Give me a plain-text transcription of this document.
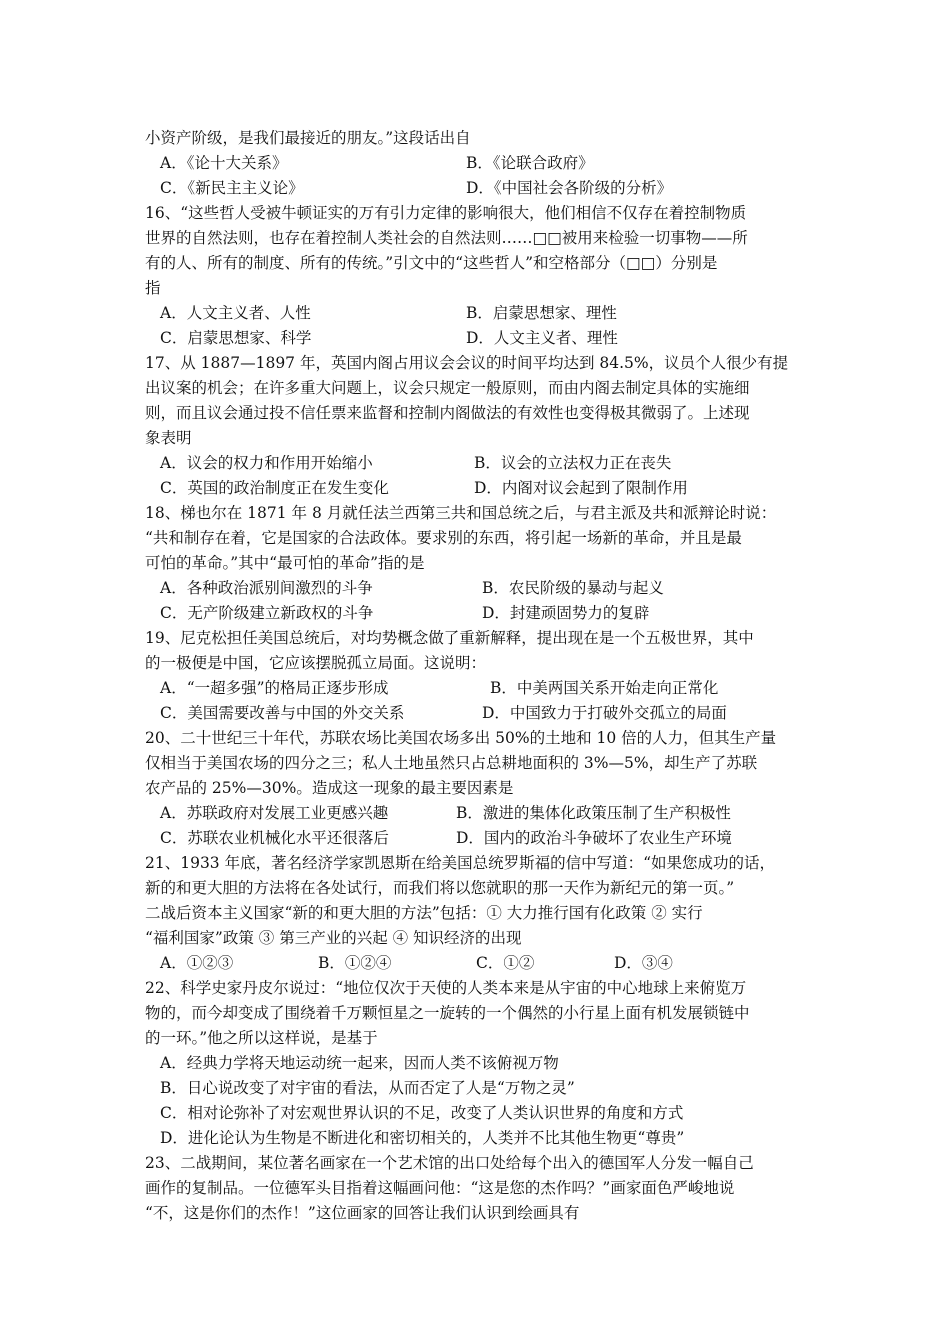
小资产阶级，是我们最接近的朋友。”这段话出自
A．《论十大关系》	B．《论联合政府》
C．《新民主主义论》	D．《中国社会各阶级的分析》
16、“这些哲人受被牛顿证实的万有引力定律的影响很大，他们相信不仅存在着控制物质
世界的自然法则，也存在着控制人类社会的自然法则……□□被用来检验一切事物——所
有的人、所有的制度、所有的传统。”引文中的“这些哲人”和空格部分（□□）分别是
指
A．人文主义者、人性	B．启蒙思想家、理性
C．启蒙思想家、科学	D．人文主义者、理性
17、从 1887—1897 年，英国内阁占用议会会议的时间平均达到 84.5%，议员个人很少有提
出议案的机会；在许多重大问题上，议会只规定一般原则，而由内阁去制定具体的实施细
则，而且议会通过投不信任票来监督和控制内阁做法的有效性也变得极其微弱了。上述现
象表明
A．议会的权力和作用开始缩小	B．议会的立法权力正在丧失
C．英国的政治制度正在发生变化	D．内阁对议会起到了限制作用
18、梯也尔在 1871 年 8 月就任法兰西第三共和国总统之后，与君主派及共和派辩论时说：
“共和制存在着，它是国家的合法政体。要求别的东西，将引起一场新的革命，并且是最
可怕的革命。”其中“最可怕的革命”指的是
A．各种政治派别间激烈的斗争	B．农民阶级的暴动与起义
C．无产阶级建立新政权的斗争	D．封建顽固势力的复辟
19、尼克松担任美国总统后，对均势概念做了重新解释，提出现在是一个五极世界，其中
的一极便是中国，它应该摆脱孤立局面。这说明：
A．“一超多强”的格局正逐步形成	B．中美两国关系开始走向正常化
C．美国需要改善与中国的外交关系	D．中国致力于打破外交孤立的局面
20、二十世纪三十年代，苏联农场比美国农场多出 50%的土地和 10 倍的人力，但其生产量
仅相当于美国农场的四分之三；私人土地虽然只占总耕地面积的 3%—5%，却生产了苏联
农产品的 25%—30%。造成这一现象的最主要因素是
A．苏联政府对发展工业更感兴趣	B．激进的集体化政策压制了生产积极性
C．苏联农业机械化水平还很落后	D．国内的政治斗争破坏了农业生产环境
21、1933 年底，著名经济学家凯恩斯在给美国总统罗斯福的信中写道：“如果您成功的话，
新的和更大胆的方法将在各处试行，而我们将以您就职的那一天作为新纪元的第一页。”
二战后资本主义国家“新的和更大胆的方法”包括：① 大力推行国有化政策 ② 实行
“福利国家”政策 ③ 第三产业的兴起 ④ 知识经济的出现
A．①②③	B．①②④	C．①②	D．③④
22、科学史家丹皮尔说过：“地位仅次于天使的人类本来是从宇宙的中心地球上来俯览万
物的，而今却变成了围绕着千万颗恒星之一旋转的一个偶然的小行星上面有机发展锁链中
的一环。”他之所以这样说，是基于
A．经典力学将天地运动统一起来，因而人类不该俯视万物
B．日心说改变了对宇宙的看法，从而否定了人是“万物之灵”
C．相对论弥补了对宏观世界认识的不足，改变了人类认识世界的角度和方式
D．进化论认为生物是不断进化和密切相关的，人类并不比其他生物更“尊贵”
23、二战期间，某位著名画家在一个艺术馆的出口处给每个出入的德国军人分发一幅自己
画作的复制品。一位德军头目指着这幅画问他：“这是您的杰作吗？”画家面色严峻地说
“不，这是你们的杰作！”这位画家的回答让我们认识到绘画具有
